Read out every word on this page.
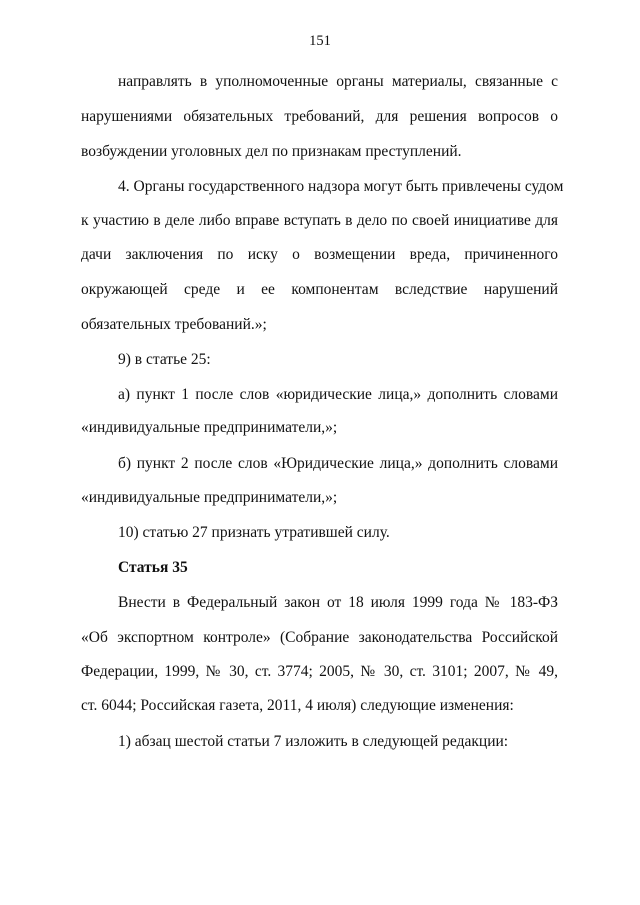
151
направлять в уполномоченные органы материалы, связанные с
нарушениями обязательных требований, для решения вопросов о
возбуждении уголовных дел по признакам преступлений.
4. Органы государственного надзора могут быть привлечены судом
к участию в деле либо вправе вступать в дело по своей инициативе для
дачи заключения по иску о возмещении вреда, причиненного
окружающей среде и ее компонентам вследствие нарушений
обязательных требований.»;
9) в статье 25:
а) пункт 1 после слов «юридические лица,» дополнить словами
«индивидуальные предприниматели,»;
б) пункт 2 после слов «Юридические лица,» дополнить словами
«индивидуальные предприниматели,»;
10) статью 27 признать утратившей силу.
Статья 35
Внести в Федеральный закон от 18 июля 1999 года № 183-ФЗ
«Об экспортном контроле» (Собрание законодательства Российской
Федерации, 1999, № 30, ст. 3774; 2005, № 30, ст. 3101; 2007, № 49,
ст. 6044; Российская газета, 2011, 4 июля) следующие изменения:
1) абзац шестой статьи 7 изложить в следующей редакции:
